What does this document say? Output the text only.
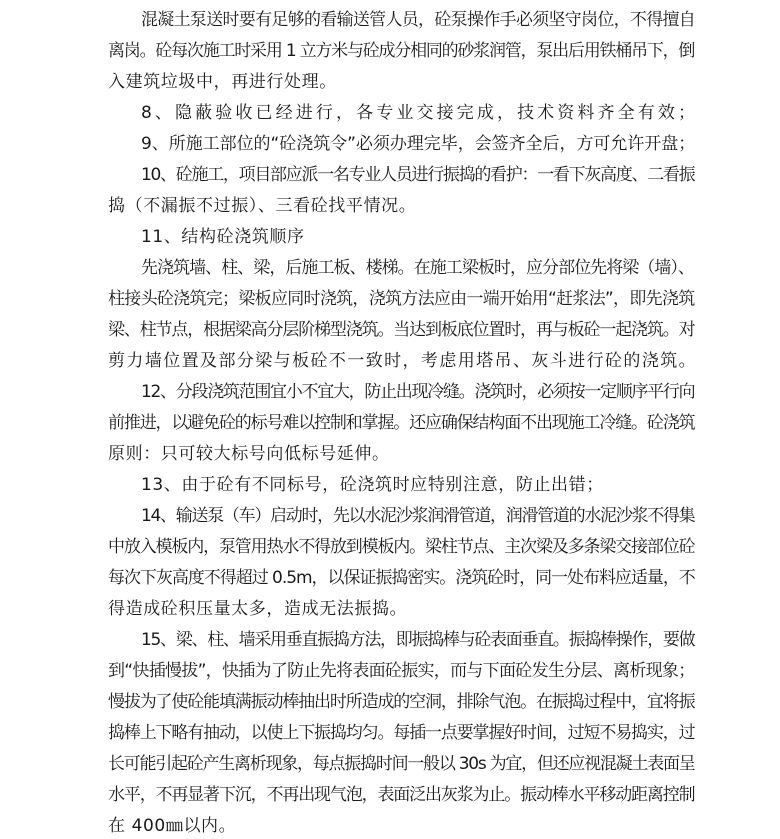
混凝土泵送时要有足够的看输送管人员，砼泵操作手必须坚守岗位，不得擅自
离岗。砼每次施工时采用 1 立方米与砼成分相同的砂浆润管，泵出后用铁桶吊下，倒
入建筑垃圾中，再进行处理。
8、隐蔽验收已经进行，各专业交接完成，技术资料齐全有效；
9、所施工部位的“砼浇筑令”必须办理完毕，会签齐全后，方可允许开盘；
10、砼施工，项目部应派一名专业人员进行振捣的看护：一看下灰高度、二看振
捣（不漏振不过振）、三看砼找平情况。
11、结构砼浇筑顺序
先浇筑墙、柱、梁，后施工板、楼梯。在施工梁板时，应分部位先将梁（墙）、
柱接头砼浇筑完；梁板应同时浇筑，浇筑方法应由一端开始用“赶浆法”，即先浇筑
梁、柱节点，根据梁高分层阶梯型浇筑。当达到板底位置时，再与板砼一起浇筑。对
剪力墙位置及部分梁与板砼不一致时，考虑用塔吊、灰斗进行砼的浇筑。
12、分段浇筑范围宜小不宜大，防止出现冷缝。浇筑时，必须按一定顺序平行向
前推进，以避免砼的标号难以控制和掌握。还应确保结构面不出现施工冷缝。砼浇筑
原则：只可较大标号向低标号延伸。
13、由于砼有不同标号，砼浇筑时应特别注意，防止出错；
14、输送泵（车）启动时，先以水泥沙浆润滑管道，润滑管道的水泥沙浆不得集
中放入模板内，泵管用热水不得放到模板内。梁柱节点、主次梁及多条梁交接部位砼
每次下灰高度不得超过 0.5m，以保证振捣密实。浇筑砼时，同一处布料应适量，不
得造成砼积压量太多，造成无法振捣。
15、梁、柱、墙采用垂直振捣方法，即振捣棒与砼表面垂直。振捣棒操作，要做
到“快插慢拔”，快插为了防止先将表面砼振实，而与下面砼发生分层、离析现象；
慢拔为了使砼能填满振动棒抽出时所造成的空洞，排除气泡。在振捣过程中，宜将振
捣棒上下略有抽动，以使上下振捣均匀。每插一点要掌握好时间，过短不易捣实，过
长可能引起砼产生离析现象，每点振捣时间一般以 30s 为宜，但还应视混凝土表面呈
水平，不再显著下沉，不再出现气泡，表面泛出灰浆为止。振动棒水平移动距离控制
在 400㎜以内。
